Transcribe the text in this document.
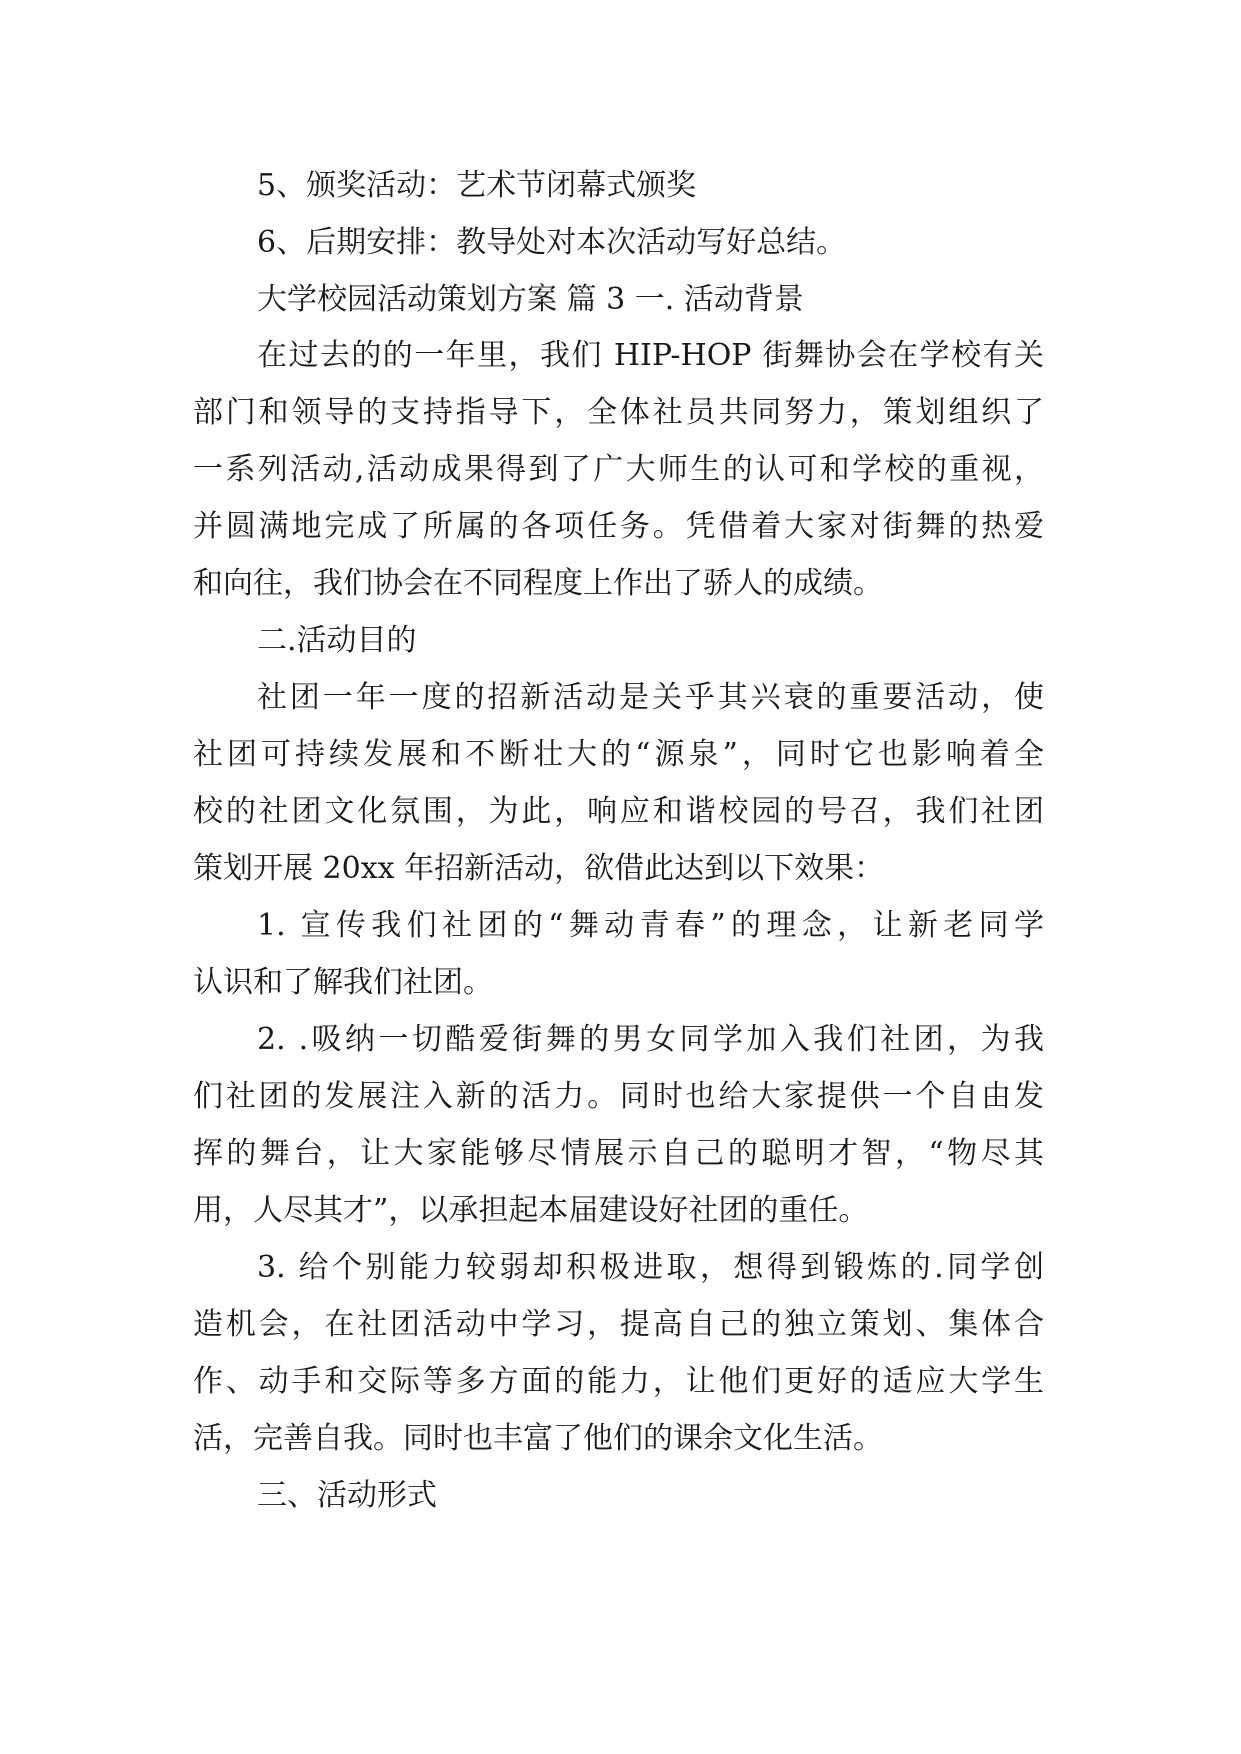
5、颁奖活动：艺术节闭幕式颁奖
6、后期安排：教导处对本次活动写好总结。
大学校园活动策划方案 篇 3 一. 活动背景
在过去的的一年里，我们 HIP-HOP 街舞协会在学校有关
部门和领导的支持指导下，全体社员共同努力，策划组织了
一系列活动,活动成果得到了广大师生的认可和学校的重视，
并圆满地完成了所属的各项任务。凭借着大家对街舞的热爱
和向往，我们协会在不同程度上作出了骄人的成绩。
二.活动目的
社团一年一度的招新活动是关乎其兴衰的重要活动，使
社团可持续发展和不断壮大的“源泉”，同时它也影响着全
校的社团文化氛围，为此，响应和谐校园的号召，我们社团
策划开展 20xx 年招新活动，欲借此达到以下效果：
1. 宣传我们社团的“舞动青春”的理念，让新老同学
认识和了解我们社团。
2. .吸纳一切酷爱街舞的男女同学加入我们社团，为我
们社团的发展注入新的活力。同时也给大家提供一个自由发
挥的舞台，让大家能够尽情展示自己的聪明才智，“物尽其
用，人尽其才”，以承担起本届建设好社团的重任。
3. 给个别能力较弱却积极进取，想得到锻炼的.同学创
造机会，在社团活动中学习，提高自己的独立策划、集体合
作、动手和交际等多方面的能力，让他们更好的适应大学生
活，完善自我。同时也丰富了他们的课余文化生活。
三、活动形式
